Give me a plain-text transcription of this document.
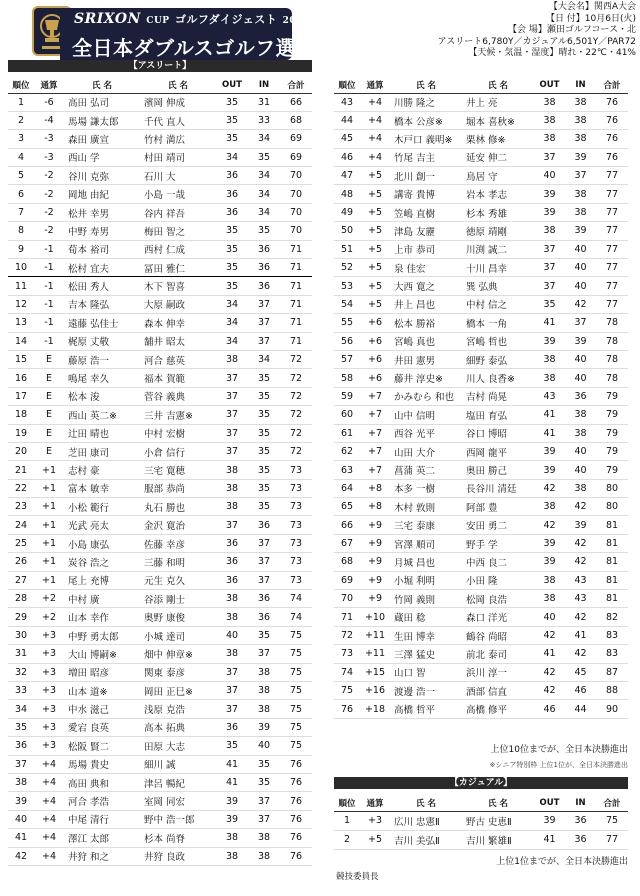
SRIXON CUP ゴルフダイジェスト 2020
全日本ダブルスゴルフ選手権
【大会名】関西A大会
【日 付】10月6日(火)
【会 場】瀬田ゴルフコース・北
アスリート6,780Y／カジュアル6,501Y／PAR72
【天候・気温・湿度】晴れ・22℃・41%
【アスリート】
順位	通算	氏 名	氏 名	OUT	IN	合計
1	-6	高田 弘司	濱岡 伸成	35	31	66
2	-4	馬場 謙太郎	千代 直人	35	33	68
3	-3	森田 廣宣	竹村 満広	35	34	69
4	-3	西山 学	村田 靖司	34	35	69
5	-2	谷川 克弥	石川 大	36	34	70
6	-2	岡地 由紀	小島 一哉	36	34	70
7	-2	松井 幸男	谷内 祥吾	36	34	70
8	-2	中野 寿男	梅田 智之	35	35	70
9	-1	荀本 裕司	西村 仁成	35	36	71
10	-1	松村 宜夫	冨田 雅仁	35	36	71
11	-1	松田 秀人	木下 智喜	35	36	71
12	-1	吉本 隆弘	大原 嗣政	34	37	71
13	-1	遠藤 弘佳士	森本 伸幸	34	37	71
14	-1	梶原 丈敬	舗井 昭太	34	37	71
15	E	藤原 浩一	河合 慈英	38	34	72
16	E	鳴尾 幸久	福本 賀範	37	35	72
17	E	松本 浚	菅谷 義典	37	35	72
18	E	西山 英二※	三井 吉憲※	37	35	72
19	E	辻田 晴也	中村 宏樹	37	35	72
20	E	芝田 康司	小倉 信行	37	35	72
21	+1	志村 豪	三宅 寛穂	38	35	73
22	+1	富本 敏幸	服部 恭尚	38	35	73
23	+1	小松 範行	丸石 勝也	38	35	73
24	+1	光武 亮太	金沢 寛治	37	36	73
25	+1	小島 康弘	佐藤 幸彦	36	37	73
26	+1	炭谷 浩之	三藤 和明	36	37	73
27	+1	尾上 充博	元生 克久	36	37	73
28	+2	中村 廣	谷添 剛士	38	36	74
29	+2	山本 幸作	奥野 康俊	38	36	74
30	+3	中野 勇太郎	小城 達司	40	35	75
31	+3	大山 博嗣※	畑中 伸章※	38	37	75
32	+3	増田 昭彦	関東 泰彦	37	38	75
33	+3	山本 道※	岡田 正巳※	37	38	75
34	+3	中水 滋己	浅原 克浩	37	38	75
35	+3	愛宕 良英	高本 拓典	36	39	75
36	+3	松阪 賢二	田原 大志	35	40	75
37	+4	馬場 貴史	細川 誠	41	35	76
38	+4	高田 典和	津呂 暢紀	41	35	76
39	+4	河合 孝浩	室岡 同宏	39	37	76
40	+4	中尾 清行	野中 浩一郎	39	37	76
41	+4	澤江 太郎	杉本 尚脊	38	38	76
42	+4	井狩 和之	井狩 良政	38	38	76
順位	通算	氏 名	氏 名	OUT	IN	合計
43	+4	川勝 隆之	井上 亮	38	38	76
44	+4	橋本 公彦※	堀本 喜秋※	38	38	76
45	+4	木戸口 義明※	栗林 修※	38	38	76
46	+4	竹尾 吉主	延安 伸二	37	39	76
47	+5	北川 創一	鳥居 守	40	37	77
48	+5	講寄 貴博	岩本 孝志	39	38	77
49	+5	笠嶋 直樹	杉本 秀雄	39	38	77
50	+5	津島 友靂	徳原 靖剛	38	39	77
51	+5	上市 恭司	川渕 誠二	37	40	77
52	+5	泉 佳宏	十川 昌幸	37	40	77
53	+5	大西 寛之	巽 弘典	37	40	77
54	+5	井上 昌也	中村 信之	35	42	77
55	+6	松本 勝裕	橋本 一角	41	37	78
56	+6	宮嶋 真也	宮嶋 哲也	39	39	78
57	+6	井田 憲男	細野 泰弘	38	40	78
58	+6	藤井 淳史※	川人 良香※	38	40	78
59	+7	かみむら 和也	吉村 尚晃	43	36	79
60	+7	山中 信明	塩田 育弘	41	38	79
61	+7	西谷 光平	谷口 博昭	41	38	79
62	+7	山田 大介	西岡 龍平	39	40	79
63	+7	菖蒲 英二	奥田 勝己	39	40	79
64	+8	本多 一樹	長谷川 清廷	42	38	80
65	+8	木村 敦則	阿部 豊	38	42	80
66	+9	三宅 泰康	安田 勇二	42	39	81
67	+9	宮澤 順司	野手 学	39	42	81
68	+9	月城 昌也	中西 良二	39	42	81
69	+9	小堀 利明	小田 隆	38	43	81
70	+9	竹岡 義則	松岡 良浩	38	43	81
71	+10	蔵田 稔	森口 洋光	40	42	82
72	+11	生田 博幸	鶴谷 尚昭	42	41	83
73	+11	三澤 猛史	前北 泰司	41	42	83
74	+15	山口 智	浜川 淳一	42	45	87
75	+16	渡邊 浩一	酒部 信直	42	46	88
76	+18	高橋 哲平	高橋 修平	46	44	90
上位10位までが、全日本決勝進出
※シニア特別枠 上位1位が、全日本決勝進出
【カジュアル】
順位	通算	氏 名	氏 名	OUT	IN	合計
1	+3	広川 忠憲Ⅱ	野古 史恵Ⅱ	39	36	75
2	+5	吉川 美弘Ⅱ	吉川 繁雄Ⅱ	41	36	77
上位1位までが、全日本決勝進出
競技委員長
